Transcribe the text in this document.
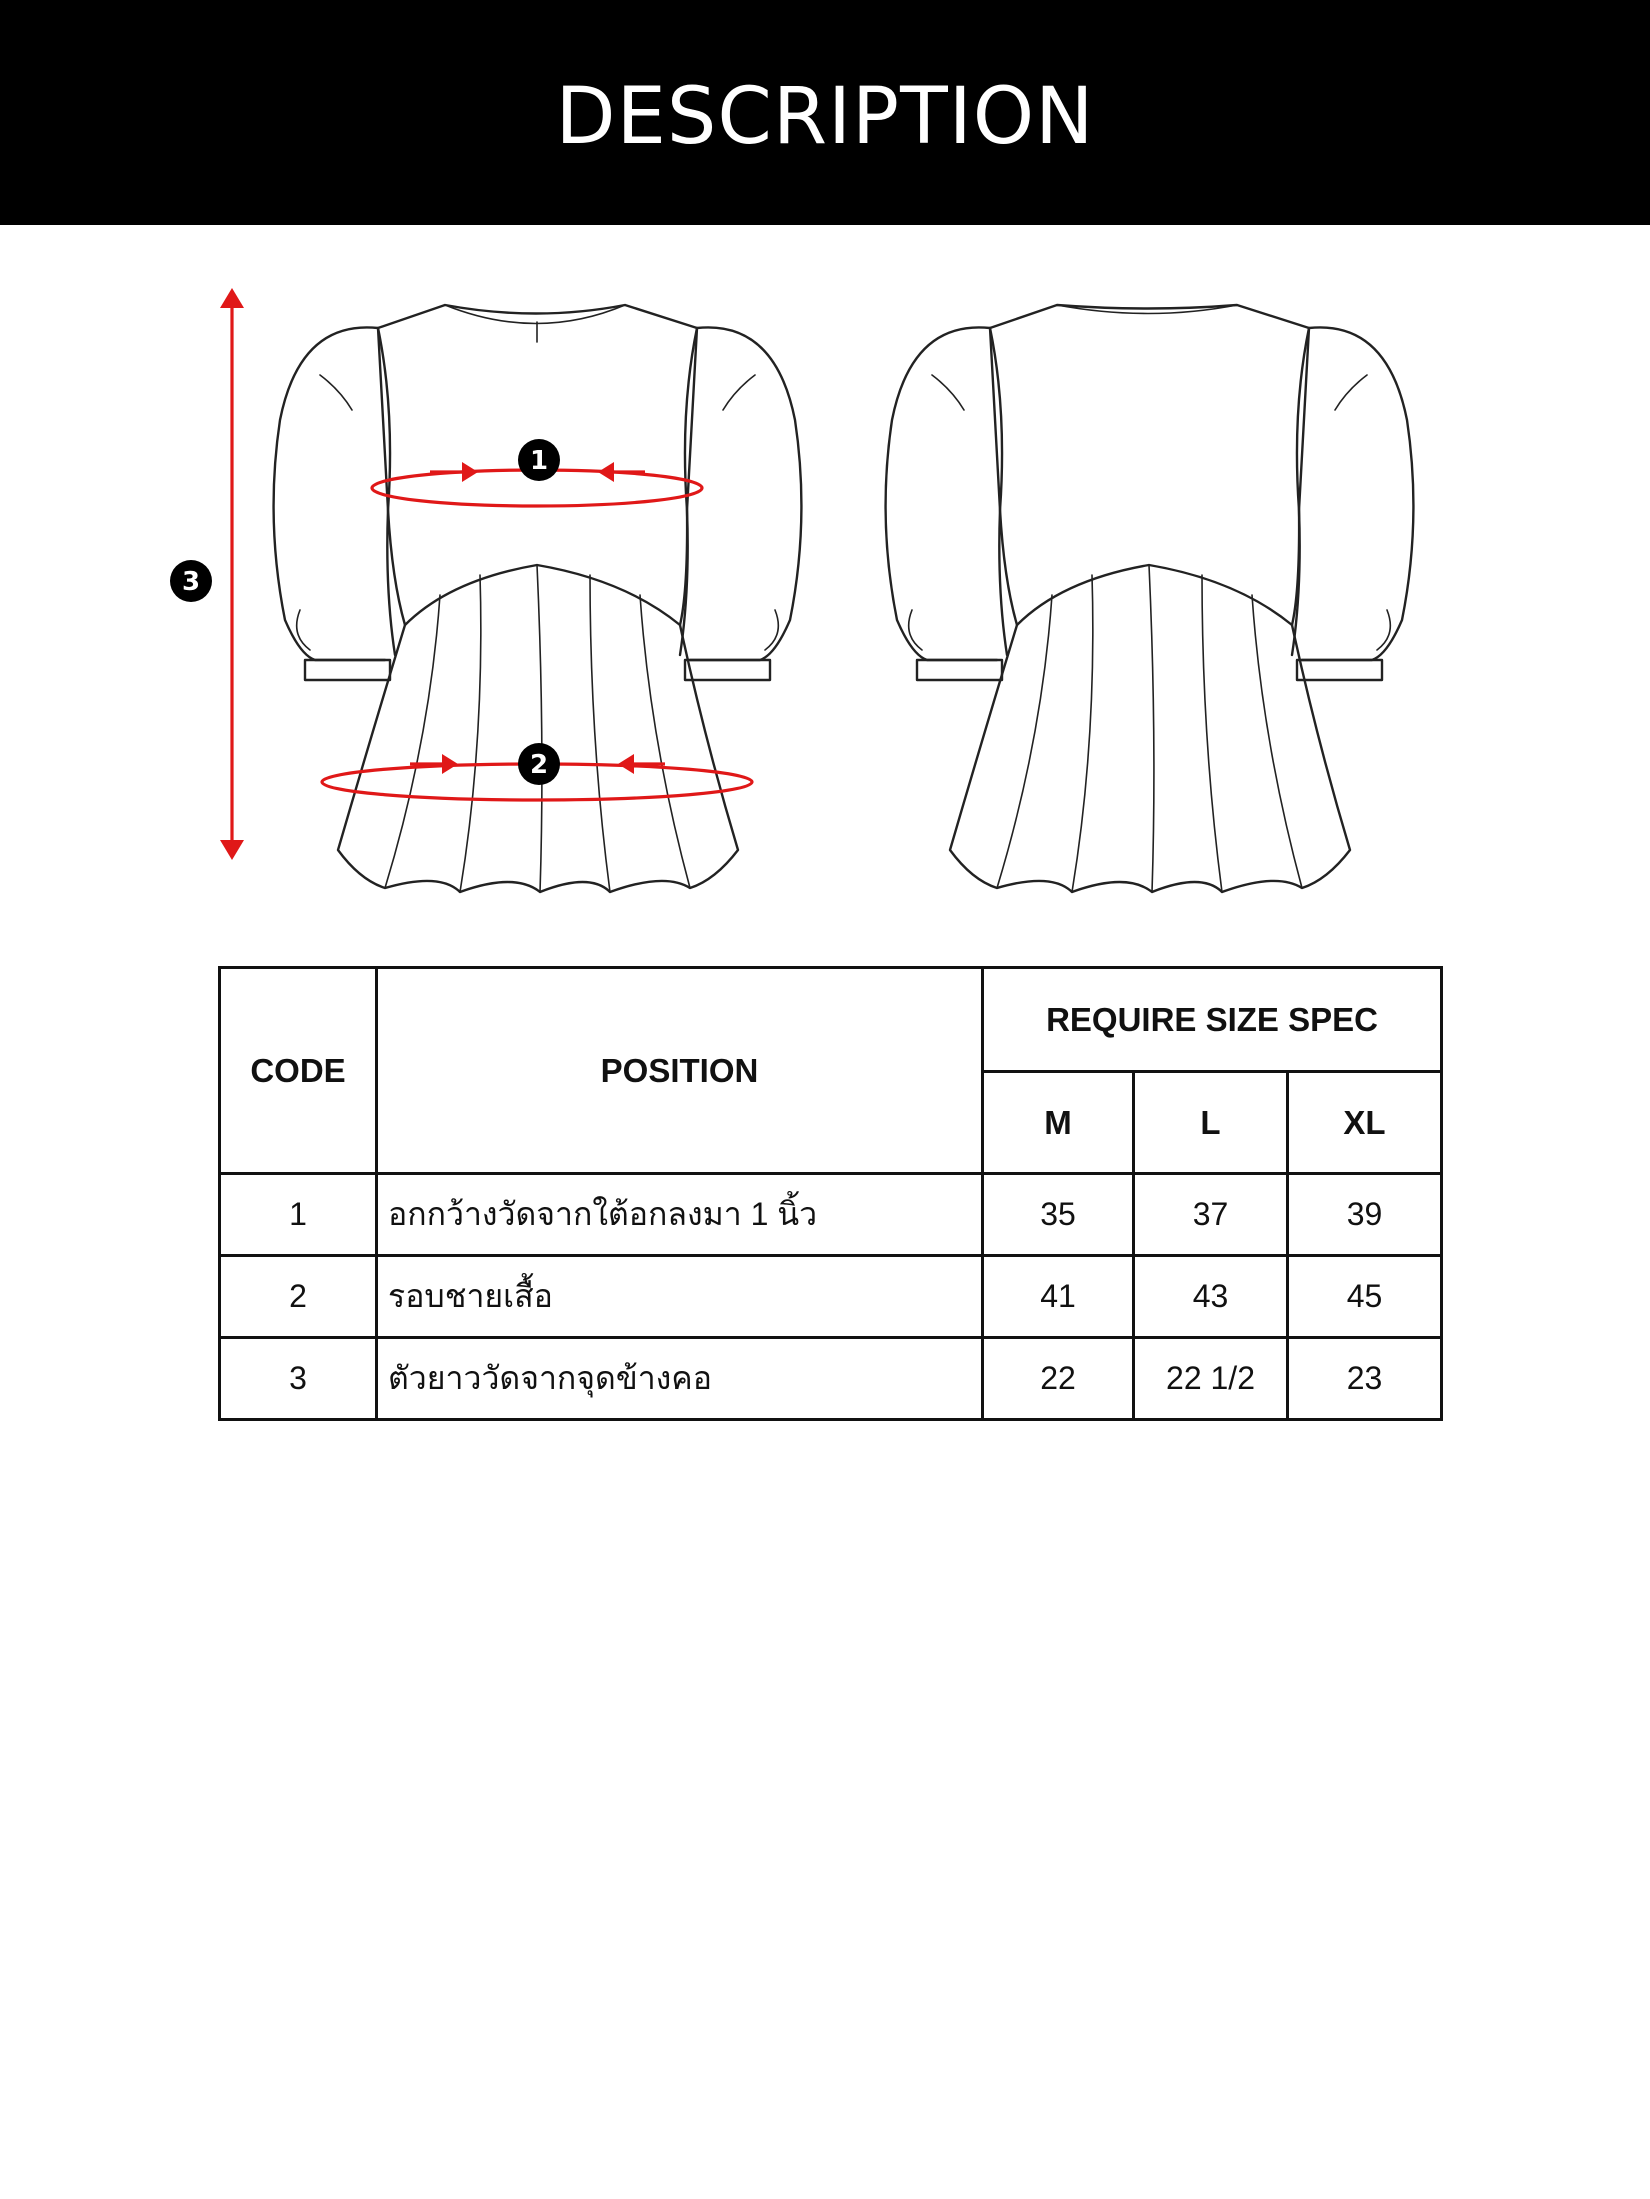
DESCRIPTION
1
2
3
CODE	POSITION	REQUIRE SIZE SPEC		
		M	L	XL
1	อกกว้างวัดจากใต้อกลงมา 1 นิ้ว	35	37	39
2	รอบชายเสื้อ	41	43	45
3	ตัวยาววัดจากจุดข้างคอ	22	22 1/2	23
